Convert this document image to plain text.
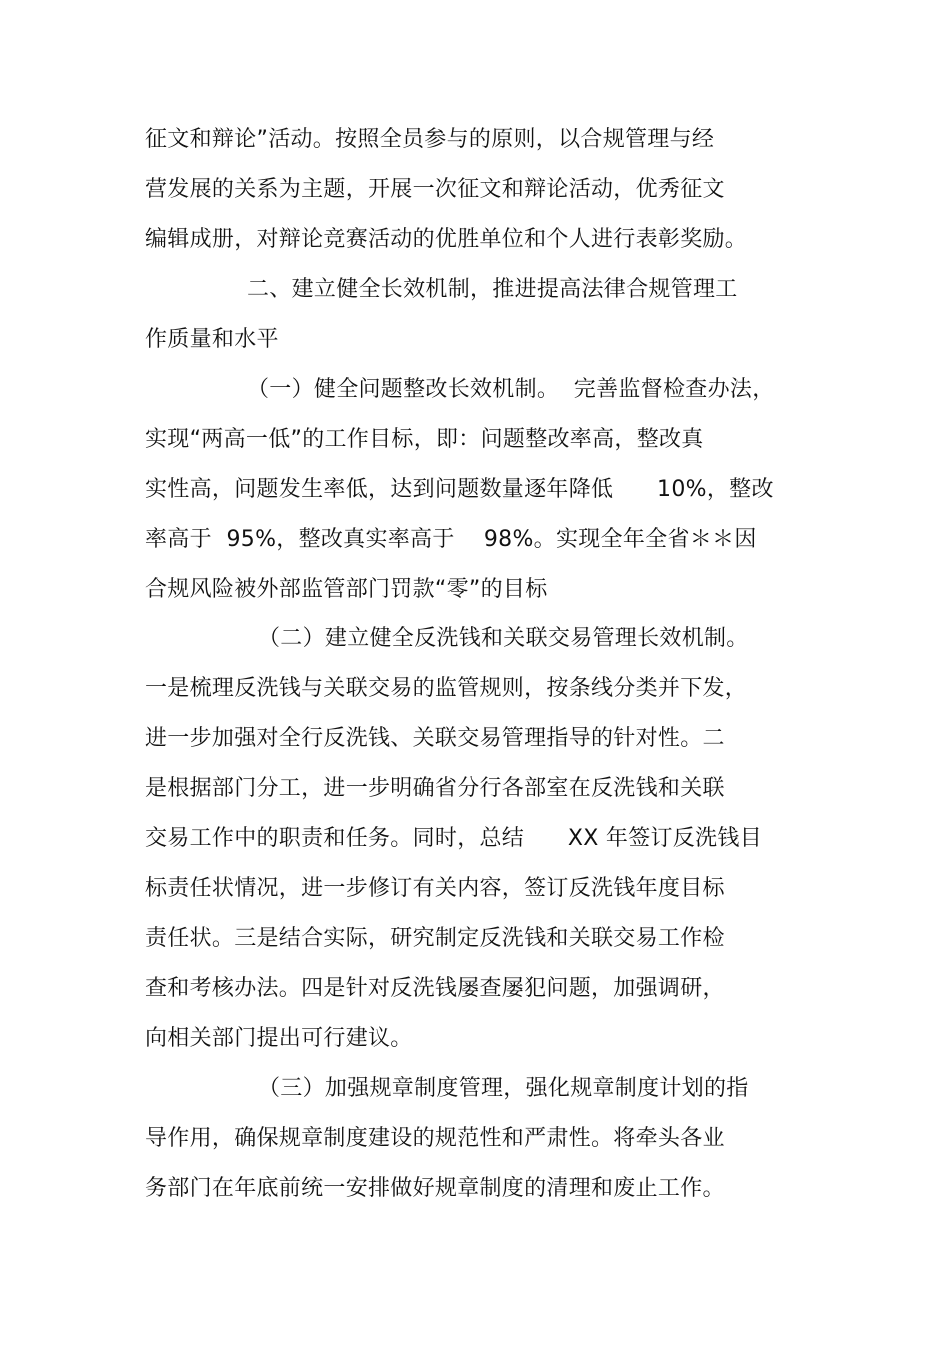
征文和辩论”活动。按照全员参与的原则，以合规管理与经
营发展的关系为主题，开展一次征文和辩论活动，优秀征文
编辑成册，对辩论竞赛活动的优胜单位和个人进行表彰奖励。
二、建立健全长效机制，推进提高法律合规管理工
作质量和水平
（一）健全问题整改长效机制。  完善监督检查办法，
实现“两高一低”的工作目标，即：问题整改率高，整改真
实性高，问题发生率低，达到问题数量逐年降低      10%，整改
率高于  95%，整改真实率高于    98%。实现全年全省＊＊因
合规风险被外部监管部门罚款“零”的目标
（二）建立健全反洗钱和关联交易管理长效机制。
一是梳理反洗钱与关联交易的监管规则，按条线分类并下发，
进一步加强对全行反洗钱、关联交易管理指导的针对性。二
是根据部门分工，进一步明确省分行各部室在反洗钱和关联
交易工作中的职责和任务。同时，总结      XX 年签订反洗钱目
标责任状情况，进一步修订有关内容，签订反洗钱年度目标
责任状。三是结合实际，研究制定反洗钱和关联交易工作检
查和考核办法。四是针对反洗钱屡查屡犯问题，加强调研，
向相关部门提出可行建议。
（三）加强规章制度管理，强化规章制度计划的指
导作用，确保规章制度建设的规范性和严肃性。将牵头各业
务部门在年底前统一安排做好规章制度的清理和废止工作。
